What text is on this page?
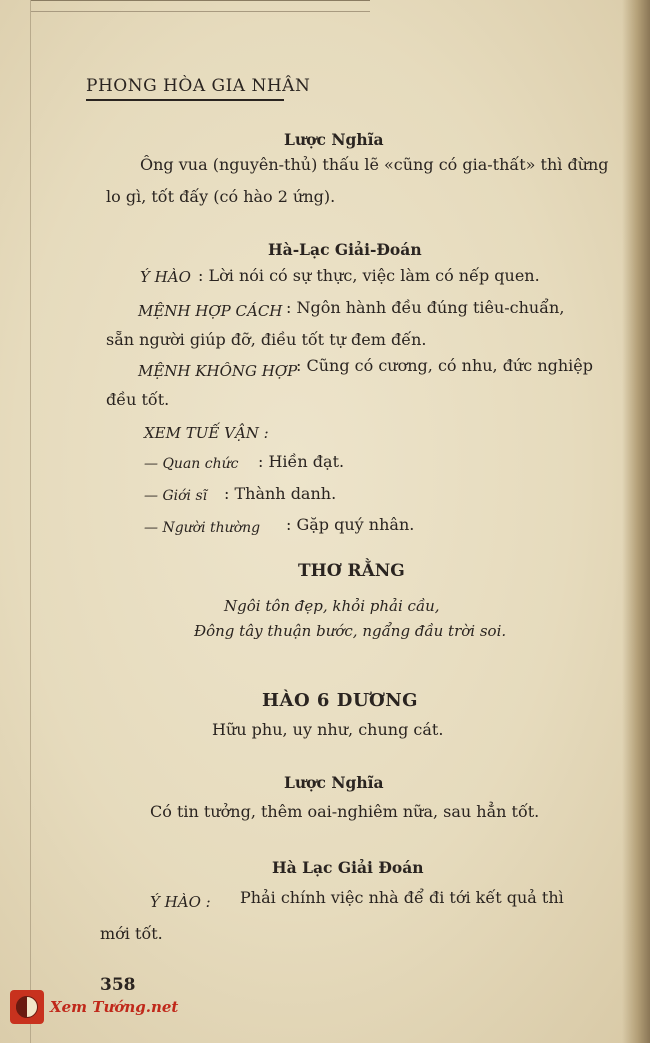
PHONG HÒA GIA NHÂN
Lược Nghĩa
Ông vua (nguyên-thủ) thấu lẽ «cũng có gia-thất» thì đừng
lo gì, tốt đấy (có hào 2 ứng).
Hà-Lạc Giải-Đoán
Ý HÀO : Lời nói có sự thực, việc làm có nếp quen.
MỆNH HỢP CÁCH : Ngôn hành đều đúng tiêu-chuẩn,
sẵn người giúp đỡ, điều tốt tự đem đến.
MỆNH KHÔNG HỢP
: Cũng có cương, có nhu, đức nghiệp
đều tốt.
XEM TUẾ VẬN :
— Quan chức : Hiền đạt.
— Giới sĩ : Thành danh.
— Người thường : Gặp quý nhân.
THƠ RẰNG
Ngôi tôn đẹp, khỏi phải cầu,
Đông tây thuận bước, ngẩng đầu trời soi.
HÀO 6 DƯƠNG
Hữu phu, uy như, chung cát.
Lược Nghĩa
Có tin tưởng, thêm oai-nghiêm nữa, sau hẳn tốt.
Hà Lạc Giải Đoán
Ý HÀO : Phải chính việc nhà để đi tới kết quả thì
mới tốt.
358
Xem Tướng.net
